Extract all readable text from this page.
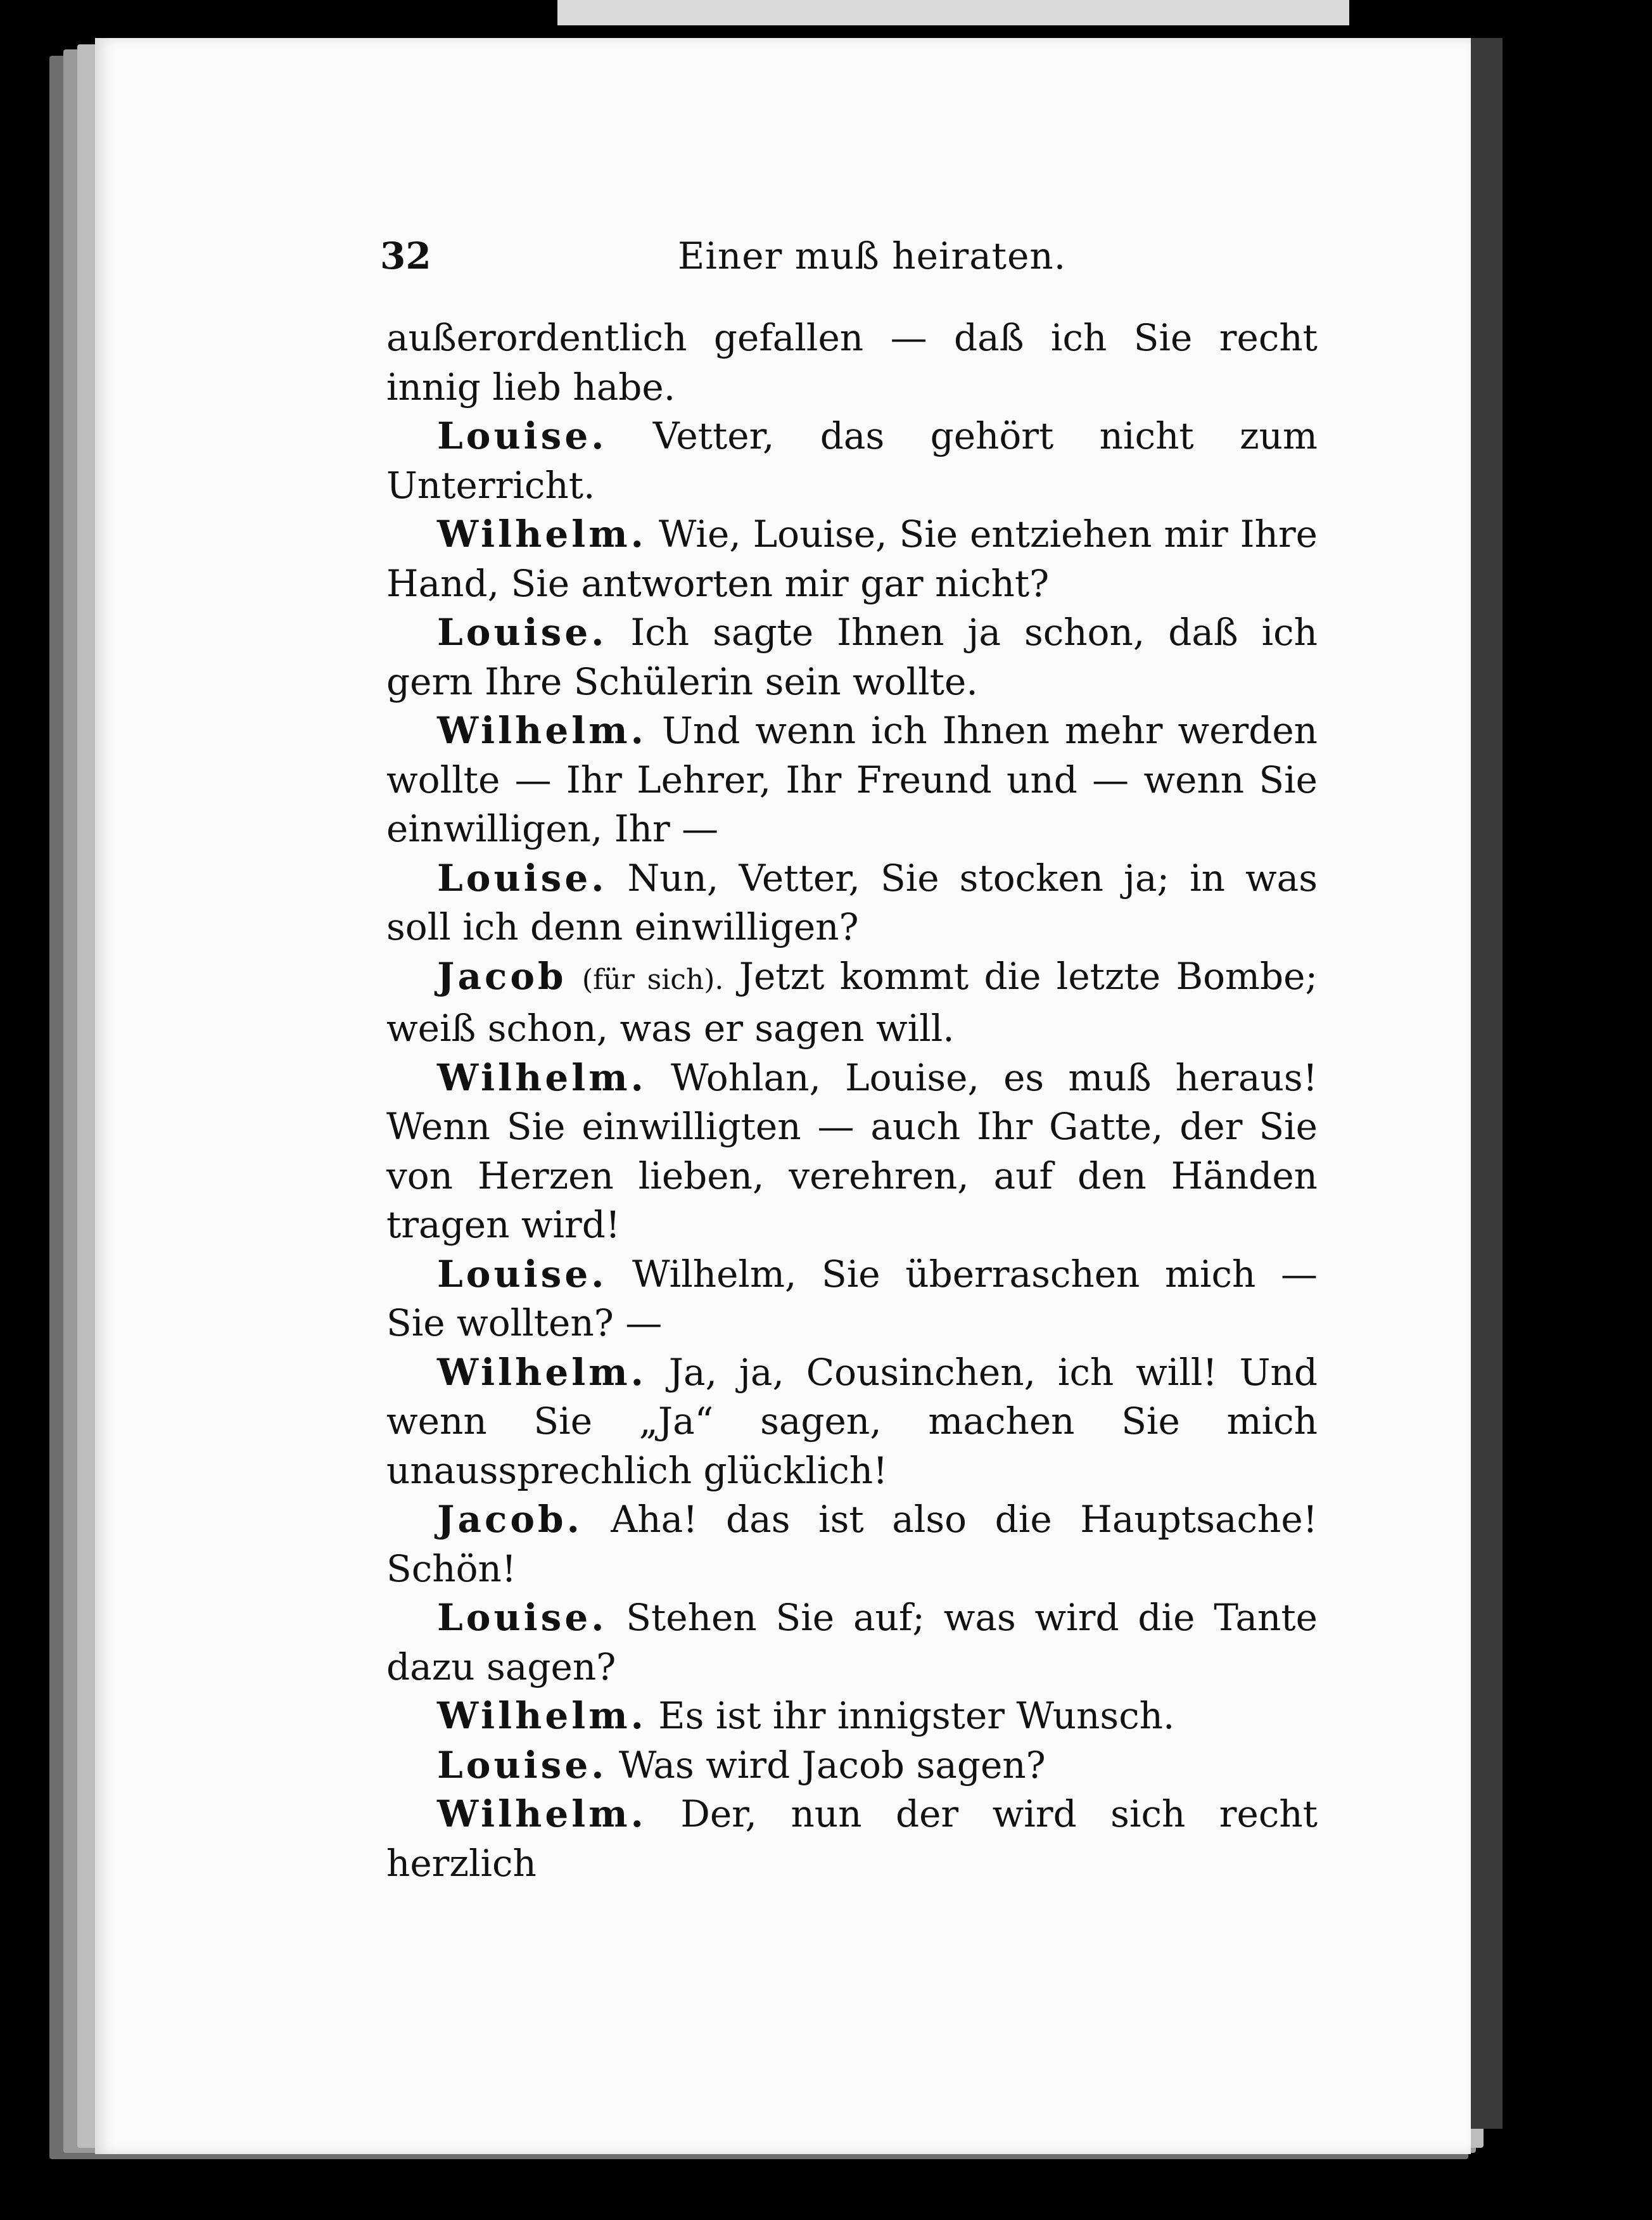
32	Einer muß heiraten.

außerordentlich gefallen — daß ich Sie recht innig lieb habe.

Louise. Vetter, das gehört nicht zum Unterricht.

Wilhelm. Wie, Louise, Sie entziehen mir Ihre Hand, Sie antworten mir gar nicht?

Louise. Ich sagte Ihnen ja schon, daß ich gern Ihre Schülerin sein wollte.

Wilhelm. Und wenn ich Ihnen mehr werden wollte — Ihr Lehrer, Ihr Freund und — wenn Sie einwilligen, Ihr —

Louise. Nun, Vetter, Sie stocken ja; in was soll ich denn einwilligen?

Jacob (für sich). Jetzt kommt die letzte Bombe; weiß schon, was er sagen will.

Wilhelm. Wohlan, Louise, es muß heraus! Wenn Sie einwilligten — auch Ihr Gatte, der Sie von Herzen lieben, verehren, auf den Händen tragen wird!

Louise. Wilhelm, Sie überraschen mich — Sie wollten? —

Wilhelm. Ja, ja, Cousinchen, ich will! Und wenn Sie „Ja“ sagen, machen Sie mich unaussprechlich glücklich!

Jacob. Aha! das ist also die Hauptsache! Schön!

Louise. Stehen Sie auf; was wird die Tante dazu sagen?

Wilhelm. Es ist ihr innigster Wunsch.

Louise. Was wird Jacob sagen?

Wilhelm. Der, nun der wird sich recht herzlich
